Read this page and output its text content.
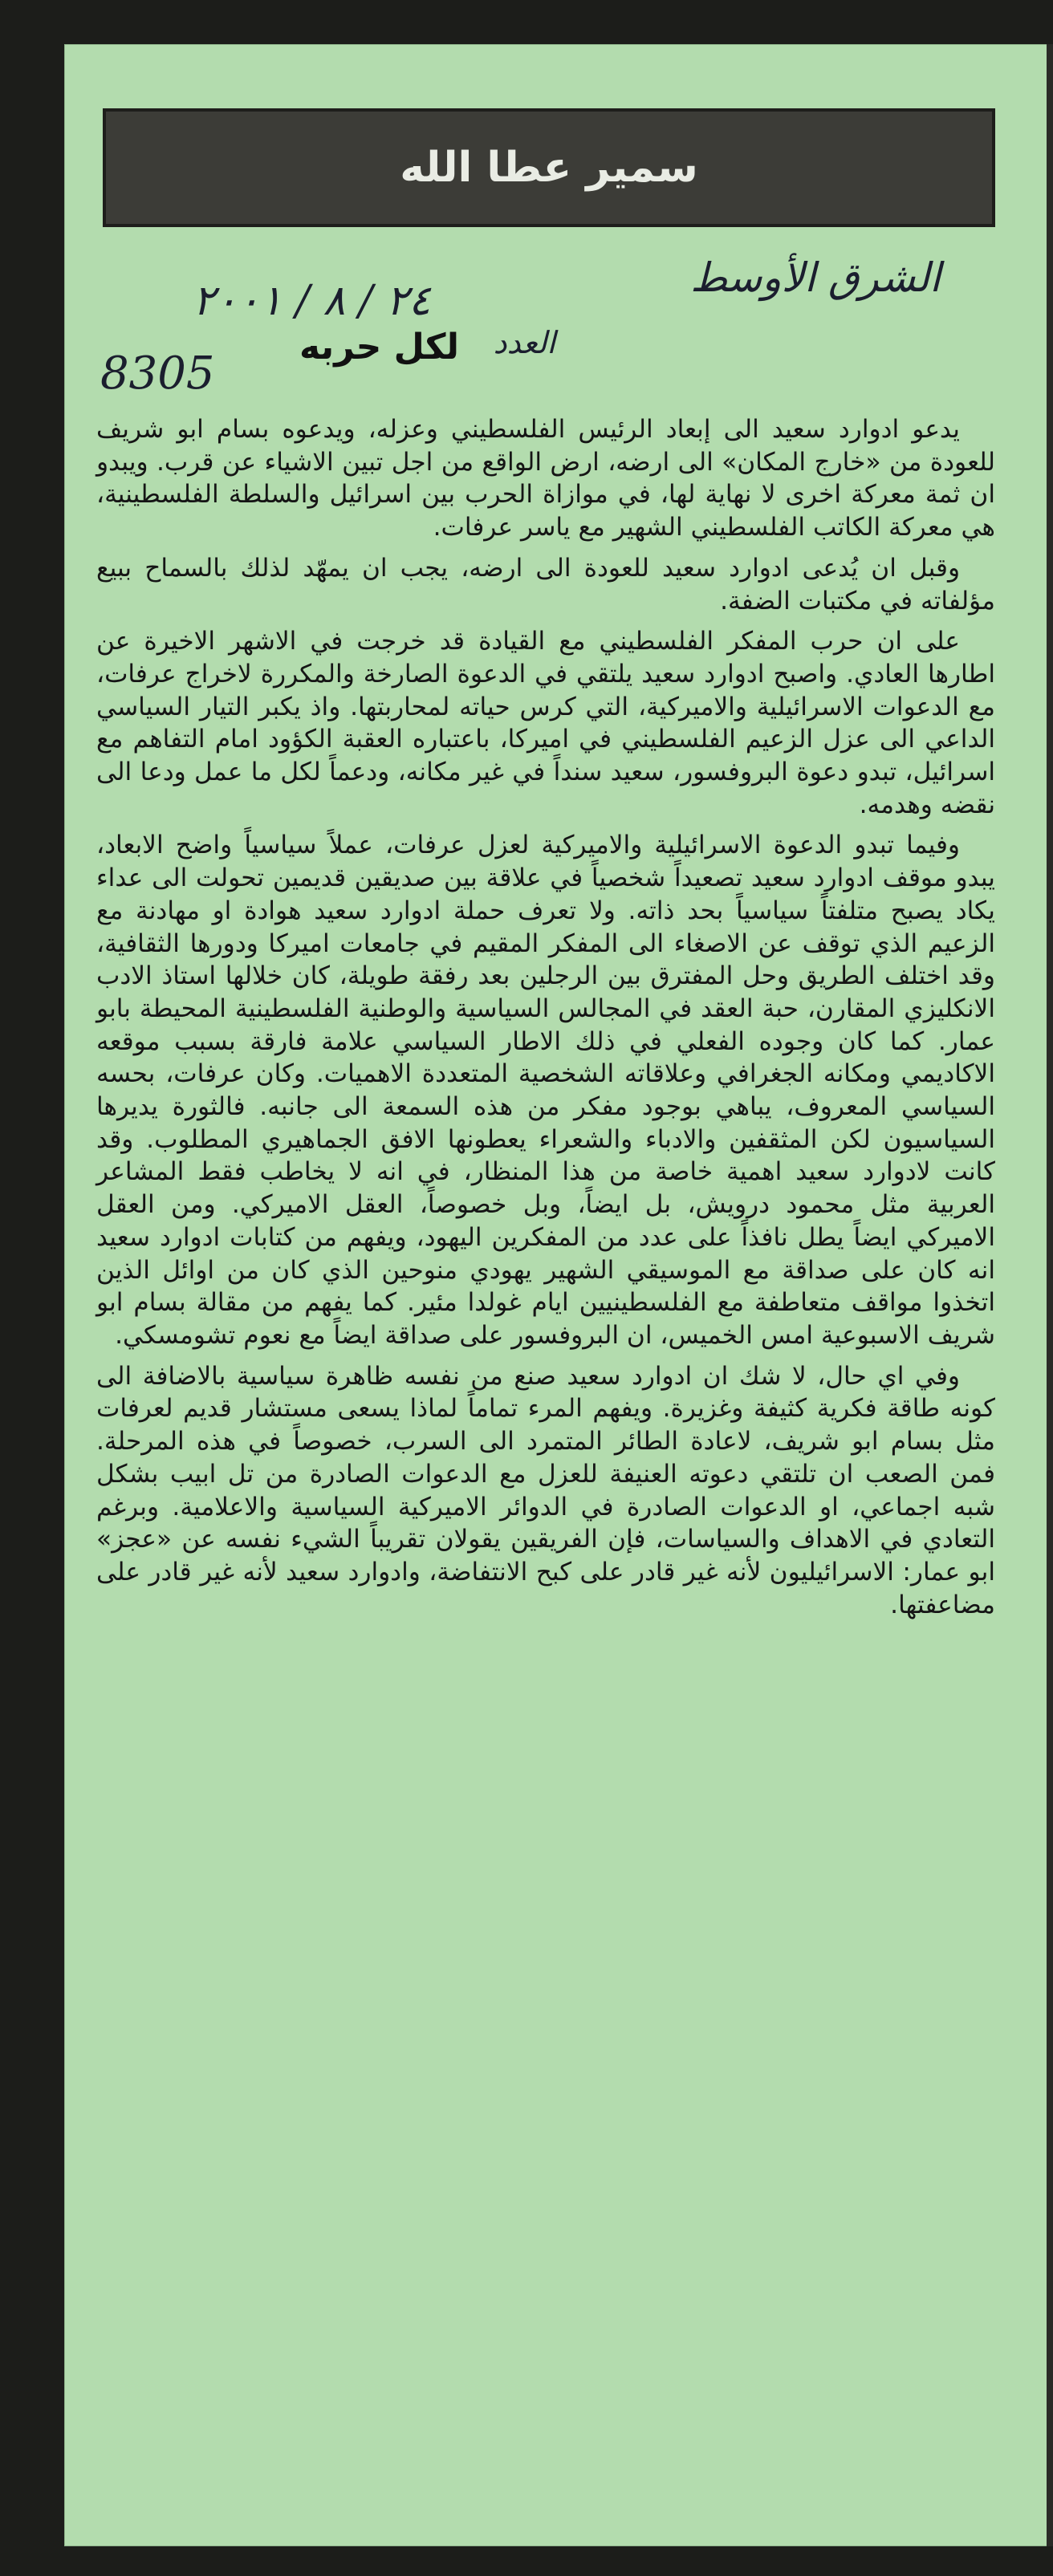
سمير عطا الله
الشرق الأوسط
٢٤ / ٨ / ٢٠٠١
لكل حربه العدد
8305

يدعو ادوارد سعيد الى إبعاد الرئيس الفلسطيني وعزله، ويدعوه بسام ابو شريف للعودة من «خارج المكان» الى ارضه، ارض الواقع من اجل تبين الاشياء عن قرب. ويبدو ان ثمة معركة اخرى لا نهاية لها، في موازاة الحرب بين اسرائيل والسلطة الفلسطينية، هي معركة الكاتب الفلسطيني الشهير مع ياسر عرفات.

وقبل ان يُدعى ادوارد سعيد للعودة الى ارضه، يجب ان يمهّد لذلك بالسماح ببيع مؤلفاته في مكتبات الضفة.

على ان حرب المفكر الفلسطيني مع القيادة قد خرجت في الاشهر الاخيرة عن اطارها العادي. واصبح ادوارد سعيد يلتقي في الدعوة الصارخة والمكررة لاخراج عرفات، مع الدعوات الاسرائيلية والاميركية، التي كرس حياته لمحاربتها. واذ يكبر التيار السياسي الداعي الى عزل الزعيم الفلسطيني في اميركا، باعتباره العقبة الكؤود امام التفاهم مع اسرائيل، تبدو دعوة البروفسور، سعيد سنداً في غير مكانه، ودعماً لكل ما عمل ودعا الى نقضه وهدمه.

وفيما تبدو الدعوة الاسرائيلية والاميركية لعزل عرفات، عملاً سياسياً واضح الابعاد، يبدو موقف ادوارد سعيد تصعيداً شخصياً في علاقة بين صديقين قديمين تحولت الى عداء يكاد يصبح متلفتاً سياسياً بحد ذاته. ولا تعرف حملة ادوارد سعيد هوادة او مهادنة مع الزعيم الذي توقف عن الاصغاء الى المفكر المقيم في جامعات اميركا ودورها الثقافية، وقد اختلف الطريق وحل المفترق بين الرجلين بعد رفقة طويلة، كان خلالها استاذ الادب الانكليزي المقارن، حبة العقد في المجالس السياسية والوطنية الفلسطينية المحيطة بابو عمار. كما كان وجوده الفعلي في ذلك الاطار السياسي علامة فارقة بسبب موقعه الاكاديمي ومكانه الجغرافي وعلاقاته الشخصية المتعددة الاهميات. وكان عرفات، بحسه السياسي المعروف، يباهي بوجود مفكر من هذه السمعة الى جانبه. فالثورة يديرها السياسيون لكن المثقفين والادباء والشعراء يعطونها الافق الجماهيري المطلوب. وقد كانت لادوارد سعيد اهمية خاصة من هذا المنظار، في انه لا يخاطب فقط المشاعر العربية مثل محمود درويش، بل ايضاً، وبل خصوصاً، العقل الاميركي. ومن العقل الاميركي ايضاً يطل نافذاً على عدد من المفكرين اليهود، ويفهم من كتابات ادوارد سعيد انه كان على صداقة مع الموسيقي الشهير يهودي منوحين الذي كان من اوائل الذين اتخذوا مواقف متعاطفة مع الفلسطينيين ايام غولدا مئير. كما يفهم من مقالة بسام ابو شريف الاسبوعية امس الخميس، ان البروفسور على صداقة ايضاً مع نعوم تشومسكي.

وفي اي حال، لا شك ان ادوارد سعيد صنع من نفسه ظاهرة سياسية بالاضافة الى كونه طاقة فكرية كثيفة وغزيرة. ويفهم المرء تماماً لماذا يسعى مستشار قديم لعرفات مثل بسام ابو شريف، لاعادة الطائر المتمرد الى السرب، خصوصاً في هذه المرحلة. فمن الصعب ان تلتقي دعوته العنيفة للعزل مع الدعوات الصادرة من تل ابيب بشكل شبه اجماعي، او الدعوات الصادرة في الدوائر الاميركية السياسية والاعلامية. وبرغم التعادي في الاهداف والسياسات، فإن الفريقين يقولان تقريباً الشيء نفسه عن «عجز» ابو عمار: الاسرائيليون لأنه غير قادر على كبح الانتفاضة، وادوارد سعيد لأنه غير قادر على مضاعفتها.
